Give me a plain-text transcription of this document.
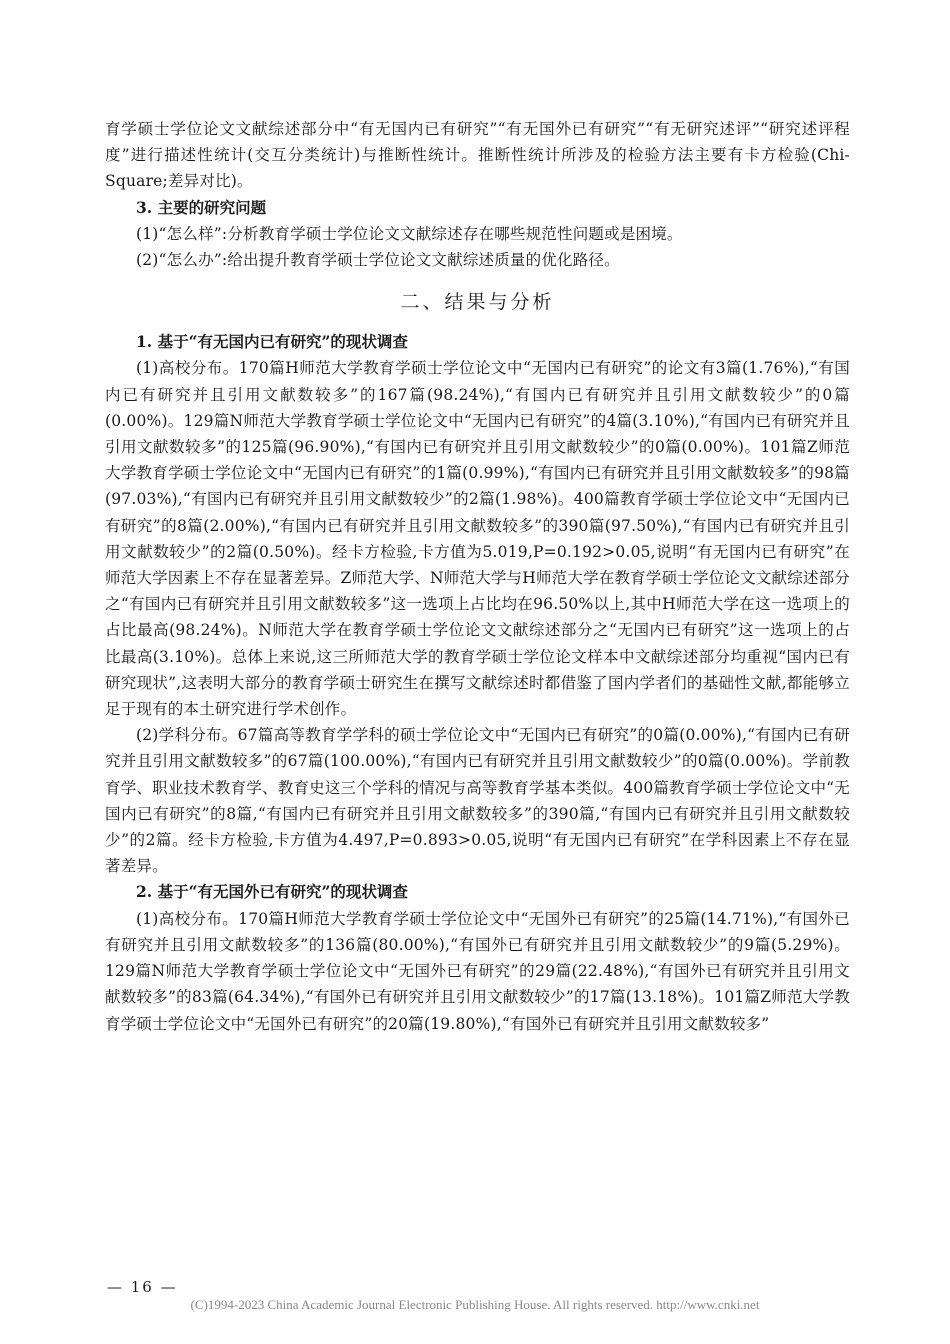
育学硕士学位论文文献综述部分中“有无国内已有研究”“有无国外已有研究”“有无研究述评”“研究述评程度”进行描述性统计(交互分类统计)与推断性统计。推断性统计所涉及的检验方法主要有卡方检验(Chi-Square;差异对比)。

3. 主要的研究问题

(1)“怎么样”:分析教育学硕士学位论文文献综述存在哪些规范性问题或是困境。

(2)“怎么办”:给出提升教育学硕士学位论文文献综述质量的优化路径。

二、结果与分析

1. 基于“有无国内已有研究”的现状调查

(1)高校分布。170篇H师范大学教育学硕士学位论文中“无国内已有研究”的论文有3篇(1.76%),“有国内已有研究并且引用文献数较多”的167篇(98.24%),“有国内已有研究并且引用文献数较少”的0篇(0.00%)。129篇N师范大学教育学硕士学位论文中“无国内已有研究”的4篇(3.10%),“有国内已有研究并且引用文献数较多”的125篇(96.90%),“有国内已有研究并且引用文献数较少”的0篇(0.00%)。101篇Z师范大学教育学硕士学位论文中“无国内已有研究”的1篇(0.99%),“有国内已有研究并且引用文献数较多”的98篇(97.03%),“有国内已有研究并且引用文献数较少”的2篇(1.98%)。400篇教育学硕士学位论文中“无国内已有研究”的8篇(2.00%),“有国内已有研究并且引用文献数较多”的390篇(97.50%),“有国内已有研究并且引用文献数较少”的2篇(0.50%)。经卡方检验,卡方值为5.019,P=0.192>0.05,说明“有无国内已有研究”在师范大学因素上不存在显著差异。Z师范大学、N师范大学与H师范大学在教育学硕士学位论文文献综述部分之“有国内已有研究并且引用文献数较多”这一选项上占比均在96.50%以上,其中H师范大学在这一选项上的占比最高(98.24%)。N师范大学在教育学硕士学位论文文献综述部分之“无国内已有研究”这一选项上的占比最高(3.10%)。总体上来说,这三所师范大学的教育学硕士学位论文样本中文献综述部分均重视“国内已有研究现状”,这表明大部分的教育学硕士研究生在撰写文献综述时都借鉴了国内学者们的基础性文献,都能够立足于现有的本土研究进行学术创作。

(2)学科分布。67篇高等教育学学科的硕士学位论文中“无国内已有研究”的0篇(0.00%),“有国内已有研究并且引用文献数较多”的67篇(100.00%),“有国内已有研究并且引用文献数较少”的0篇(0.00%)。学前教育学、职业技术教育学、教育史这三个学科的情况与高等教育学基本类似。400篇教育学硕士学位论文中“无国内已有研究”的8篇,“有国内已有研究并且引用文献数较多”的390篇,“有国内已有研究并且引用文献数较少”的2篇。经卡方检验,卡方值为4.497,P=0.893>0.05,说明“有无国内已有研究”在学科因素上不存在显著差异。

2. 基于“有无国外已有研究”的现状调查

(1)高校分布。170篇H师范大学教育学硕士学位论文中“无国外已有研究”的25篇(14.71%),“有国外已有研究并且引用文献数较多”的136篇(80.00%),“有国外已有研究并且引用文献数较少”的9篇(5.29%)。129篇N师范大学教育学硕士学位论文中“无国外已有研究”的29篇(22.48%),“有国外已有研究并且引用文献数较多”的83篇(64.34%),“有国外已有研究并且引用文献数较少”的17篇(13.18%)。101篇Z师范大学教育学硕士学位论文中“无国外已有研究”的20篇(19.80%),“有国外已有研究并且引用文献数较多”

— 16 —
(C)1994-2023 China Academic Journal Electronic Publishing House. All rights reserved. http://www.cnki.net
